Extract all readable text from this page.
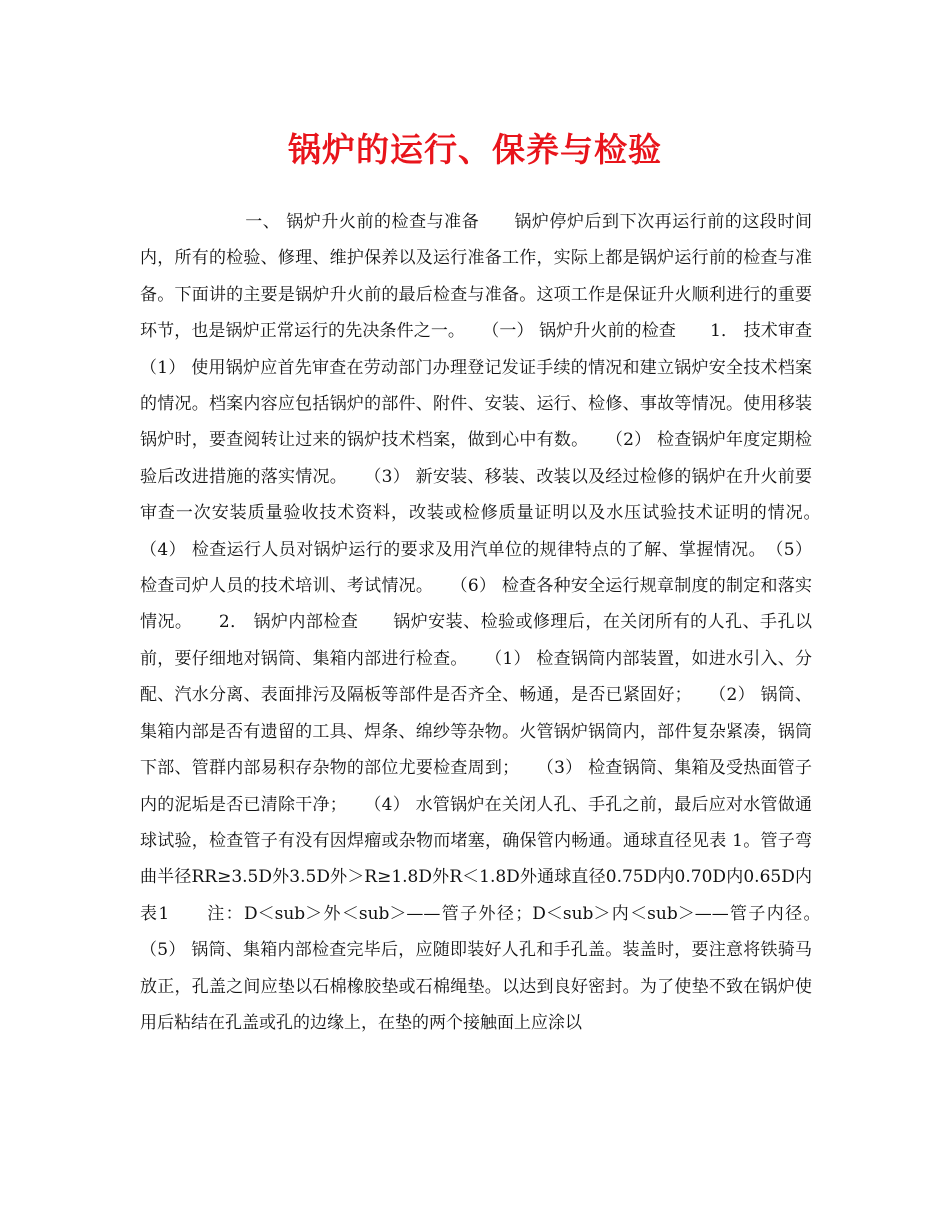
锅炉的运行、保养与检验

　　　　　　一、 锅炉升火前的检查与准备　　锅炉停炉后到下次再运行前的这段时间内，所有的检验、修理、维护保养以及运行准备工作，实际上都是锅炉运行前的检查与准备。下面讲的主要是锅炉升火前的最后检查与准备。这项工作是保证升火顺利进行的重要环节，也是锅炉正常运行的先决条件之一。　　（一） 锅炉升火前的检查　　1． 技术审查　　（1） 使用锅炉应首先审查在劳动部门办理登记发证手续的情况和建立锅炉安全技术档案的情况。档案内容应包括锅炉的部件、附件、安装、运行、检修、事故等情况。使用移装锅炉时，要查阅转让过来的锅炉技术档案，做到心中有数。　　（2） 检查锅炉年度定期检验后改进措施的落实情况。　　（3） 新安装、移装、改装以及经过检修的锅炉在升火前要审查一次安装质量验收技术资料，改装或检修质量证明以及水压试验技术证明的情况。　　（4） 检查运行人员对锅炉运行的要求及用汽单位的规律特点的了解、掌握情况。　（5） 检查司炉人员的技术培训、考试情况。　　（6） 检查各种安全运行规章制度的制定和落实情况。　　2． 锅炉内部检查　　锅炉安装、检验或修理后，在关闭所有的人孔、手孔以前，要仔细地对锅筒、集箱内部进行检查。　　（1） 检查锅筒内部装置，如进水引入、分配、汽水分离、表面排污及隔板等部件是否齐全、畅通，是否已紧固好；　　（2） 锅筒、集箱内部是否有遗留的工具、焊条、绵纱等杂物。火管锅炉锅筒内，部件复杂紧凑，锅筒下部、管群内部易积存杂物的部位尤要检查周到；　　（3） 检查锅筒、集箱及受热面管子内的泥垢是否已清除干净；　　（4） 水管锅炉在关闭人孔、手孔之前，最后应对水管做通球试验，检查管子有没有因焊瘤或杂物而堵塞，确保管内畅通。通球直径见表 1。管子弯曲半径RR≥3.5D外3.5D外＞R≥1.8D外R＜1.8D外通球直径0.75D内0.70D内0.65D内表1　　注：D＜sub＞外＜sub＞——管子外径；D＜sub＞内＜sub＞——管子内径。　　（5） 锅筒、集箱内部检查完毕后，应随即装好人孔和手孔盖。装盖时，要注意将铁骑马放正，孔盖之间应垫以石棉橡胶垫或石棉绳垫。以达到良好密封。为了使垫不致在锅炉使用后粘结在孔盖或孔的边缘上，在垫的两个接触面上应涂以
